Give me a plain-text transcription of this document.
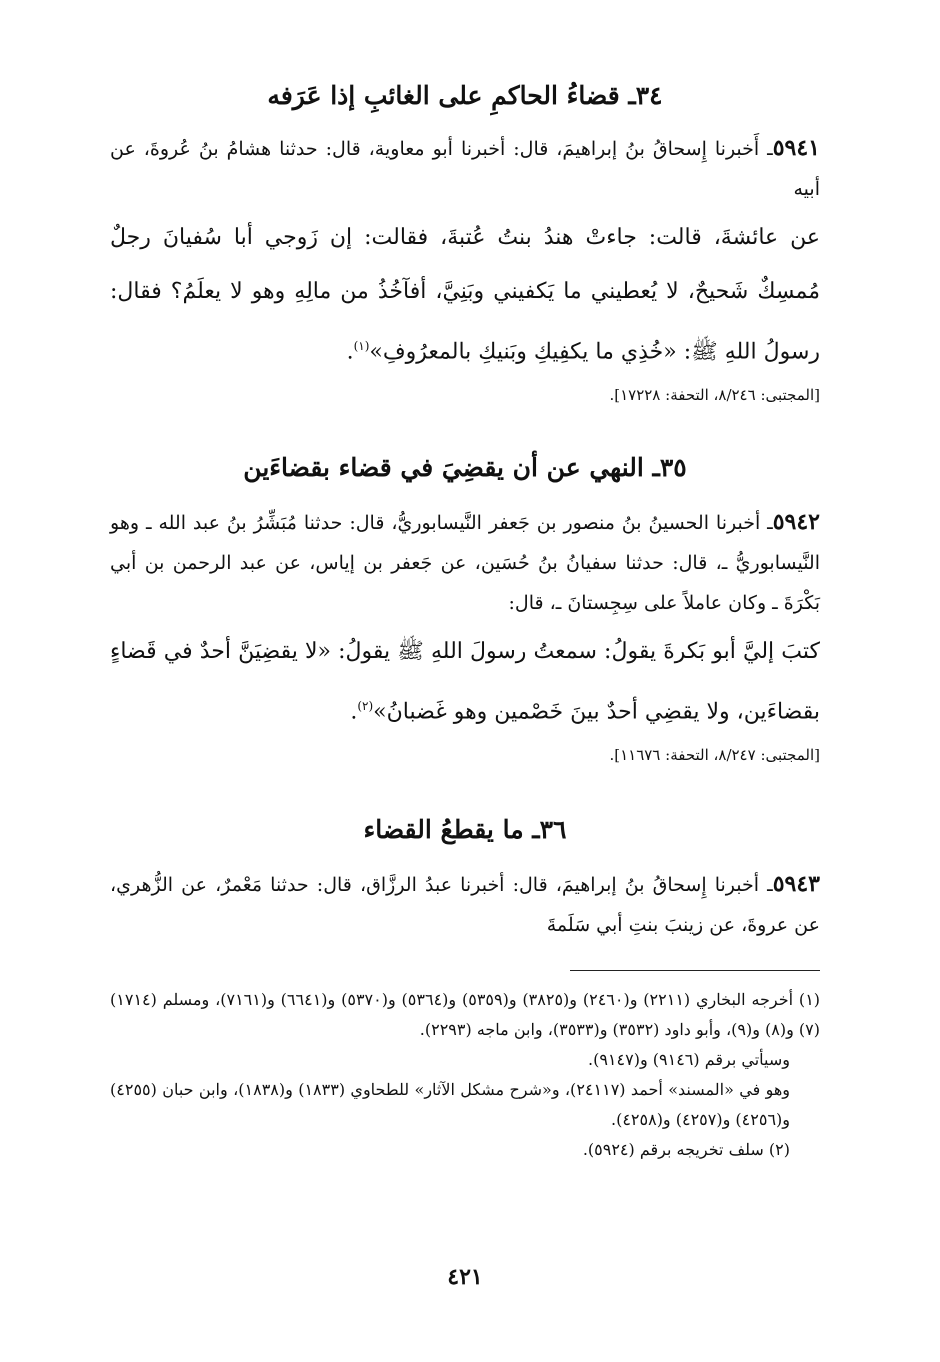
٣٤ـ قضاءُ الحاكمِ على الغائبِ إذا عَرَفه

٥٩٤١ـ أَخبرنا إِسحاقُ بنُ إبراهيمَ، قال: أخبرنا أبو معاوية، قال: حدثنا هشامُ بنُ عُروةَ، عن أبيه

عن عائشةَ، قالت: جاءتْ هندُ بنتُ عُتبةَ، فقالت: إن زَوجي أبا سُفيانَ رجلٌ مُمسِكٌ شَحيحٌ، لا يُعطيني ما يَكفيني وبَنِيَّ، أفآخُذُ من مالِهِ وهو لا يعلَمُ؟ فقال: رسولُ اللهِ ﷺ: «خُذِي ما يكفِيكِ وبَنيكِ بالمعرُوفِ»$^{(١)}$.

[المجتبى: ٨/٢٤٦، التحفة: ١٧٢٢٨].

٣٥ـ النهي عن أن يقضِيَ في قضاء بقضاءَين

٥٩٤٢ـ أخبرنا الحسينُ بنُ منصور بن جَعفر النَّيسابوريُّ، قال: حدثنا مُبَشِّرُ بنُ عبد الله ـ وهو النَّيسابوريُّ ـ، قال: حدثنا سفيانُ بنُ حُسَين، عن جَعفر بن إياس، عن عبد الرحمن بن أبي بَكْرَةَ ـ وكان عاملاً على سِجِستانَ ـ، قال:

كتبَ إليَّ أبو بَكرةَ يقولُ: سمعتُ رسولَ اللهِ ﷺ يقولُ: «لا يقضِيَنَّ أحدٌ في قَضاءٍ بقضاءَين، ولا يقضِي أحدٌ بينَ خَصْمين وهو غَضبانُ»$^{(٢)}$.

[المجتبى: ٨/٢٤٧، التحفة: ١١٦٧٦].

٣٦ـ ما يقطعُ القضاء

٥٩٤٣ـ أخبرنا إِسحاقُ بنُ إبراهيمَ، قال: أخبرنا عبدُ الرزَّاق، قال: حدثنا مَعْمرٌ، عن الزُّهري، عن عروةَ، عن زينبَ بنتِ أبي سَلَمةَ

(١) أخرجه البخاري (٢٢١١) و(٢٤٦٠) و(٣٨٢٥) و(٥٣٥٩) و(٥٣٦٤) و(٥٣٧٠) و(٦٦٤١) و(٧١٦١)، ومسلم (١٧١٤) (٧) و(٨) و(٩)، وأبو داود (٣٥٣٢) و(٣٥٣٣)، وابن ماجه (٢٢٩٣).

وسيأتي برقم (٩١٤٦) و(٩١٤٧).

وهو في «المسند» أحمد (٢٤١١٧)، و«شرح مشكل الآثار» للطحاوي (١٨٣٣) و(١٨٣٨)، وابن حبان (٤٢٥٥) و(٤٢٥٦) و(٤٢٥٧) و(٤٢٥٨).

(٢) سلف تخريجه برقم (٥٩٢٤).

٤٢١
